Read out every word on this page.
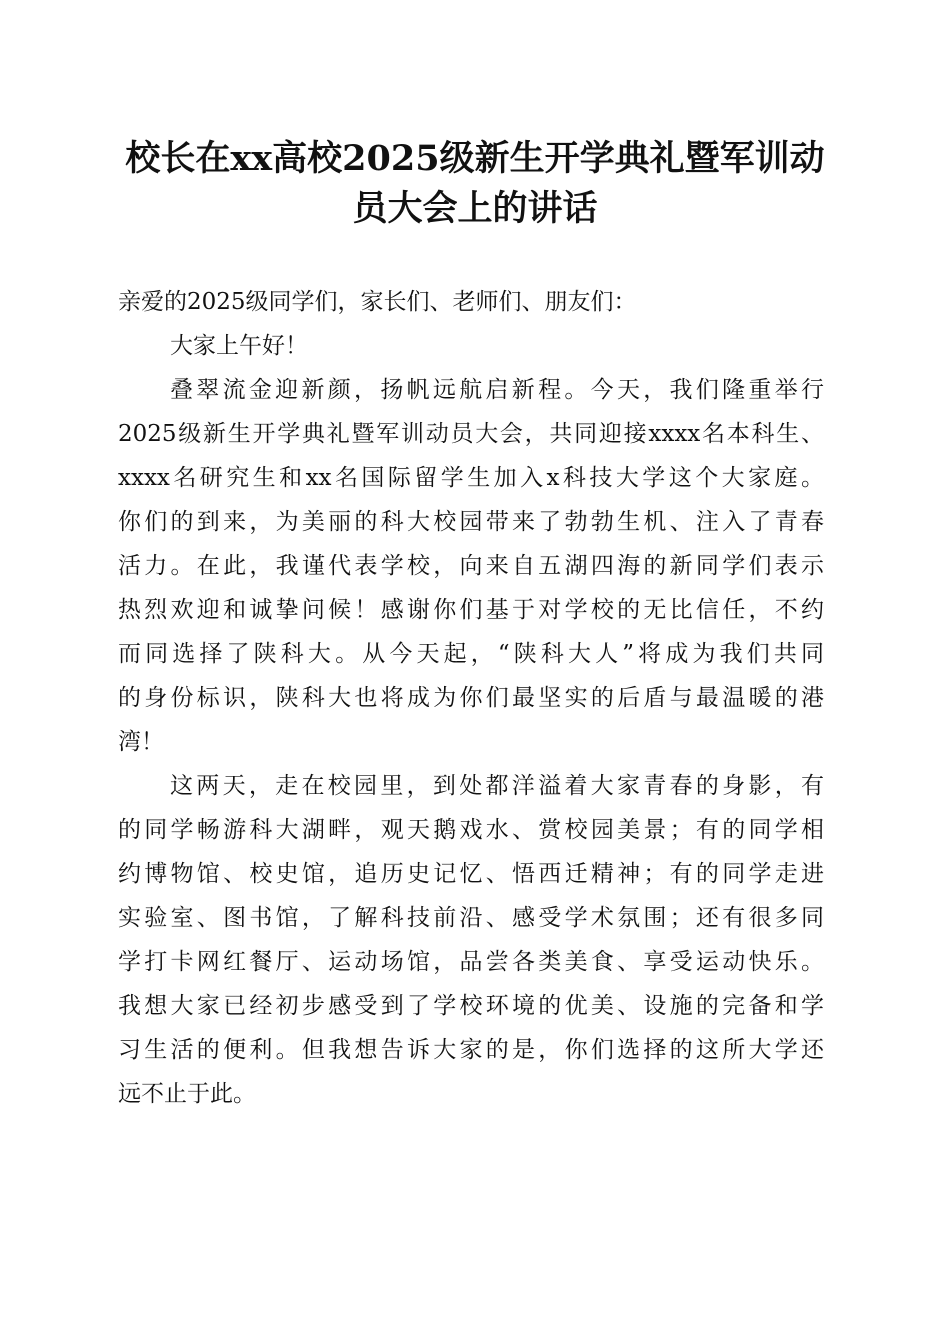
校长在xx高校2025级新生开学典礼暨军训动
员大会上的讲话
亲爱的2025级同学们，家长们、老师们、朋友们：
大家上午好！
叠翠流金迎新颜，扬帆远航启新程。今天，我们隆重举行
2025级新生开学典礼暨军训动员大会，共同迎接xxxx名本科生、
xxxx名研究生和xx名国际留学生加入x科技大学这个大家庭。
你们的到来，为美丽的科大校园带来了勃勃生机、注入了青春
活力。在此，我谨代表学校，向来自五湖四海的新同学们表示
热烈欢迎和诚挚问候！感谢你们基于对学校的无比信任，不约
而同选择了陕科大。从今天起，“陕科大人”将成为我们共同
的身份标识，陕科大也将成为你们最坚实的后盾与最温暖的港
湾！
这两天，走在校园里，到处都洋溢着大家青春的身影，有
的同学畅游科大湖畔，观天鹅戏水、赏校园美景；有的同学相
约博物馆、校史馆，追历史记忆、悟西迁精神；有的同学走进
实验室、图书馆，了解科技前沿、感受学术氛围；还有很多同
学打卡网红餐厅、运动场馆，品尝各类美食、享受运动快乐。
我想大家已经初步感受到了学校环境的优美、设施的完备和学
习生活的便利。但我想告诉大家的是，你们选择的这所大学还
远不止于此。
